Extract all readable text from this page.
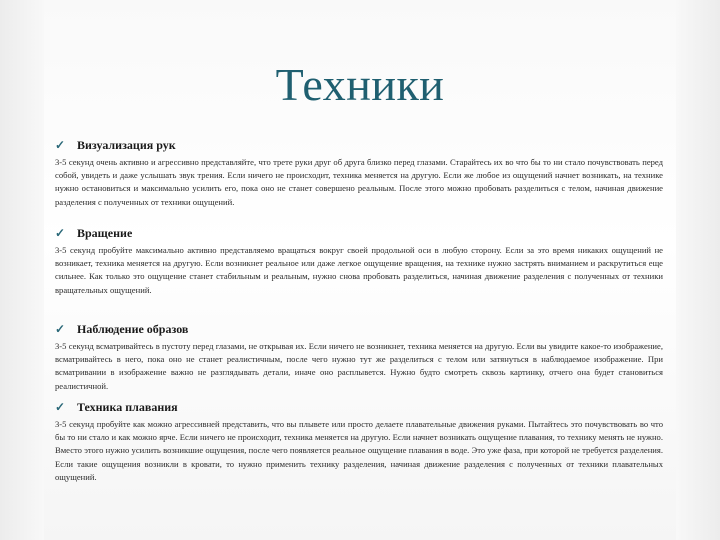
Техники
✓ Визуализация рук

3-5 секунд очень активно и агрессивно представляйте, что трете руки друг об друга близко перед глазами. Старайтесь их во что бы то ни стало почувствовать перед собой, увидеть и даже услышать звук трения. Если ничего не происходит, техника меняется на другую. Если же любое из ощущений начнет возникать, на технике нужно остановиться и максимально усилить его, пока оно не станет совершено реальным. После этого можно пробовать разделиться с телом, начиная движение разделения с полученных от техники ощущений.

✓ Вращение

3-5 секунд пробуйте максимально активно представляемо вращаться вокруг своей продольной оси в любую сторону. Если за это время никаких ощущений не возникает, техника меняется на другую. Если возникнет реальное или даже легкое ощущение вращения, на технике нужно застрять вниманием и раскрутиться еще сильнее. Как только это ощущение станет стабильным и реальным, нужно снова пробовать разделиться, начиная движение разделения с полученных от техники вращательных ощущений.

✓ Наблюдение образов

3-5 секунд всматривайтесь в пустоту перед глазами, не открывая их. Если ничего не возникнет, техника меняется на другую. Если вы увидите какое-то изображение, всматривайтесь в него, пока оно не станет реалистичным, после чего нужно тут же разделиться с телом или затянуться в наблюдаемое изображение. При всматривании в изображение важно не разглядывать детали, иначе оно расплывется. Нужно будто смотреть сквозь картинку, отчего она будет становиться реалистичной.

✓ Техника плавания

3-5 секунд пробуйте как можно агрессивней представить, что вы плывете или просто делаете плавательные движения руками. Пытайтесь это почувствовать во что бы то ни стало и как можно ярче. Если ничего не происходит, техника меняется на другую. Если начнет возникать ощущение плавания, то технику менять не нужно. Вместо этого нужно усилить возникшие ощущения, после чего появляется реальное ощущение плавания в воде. Это уже фаза, при которой не требуется разделения. Если такие ощущения возникли в кровати, то нужно применить технику разделения, начиная движение разделения с полученных от техники плавательных ощущений.
